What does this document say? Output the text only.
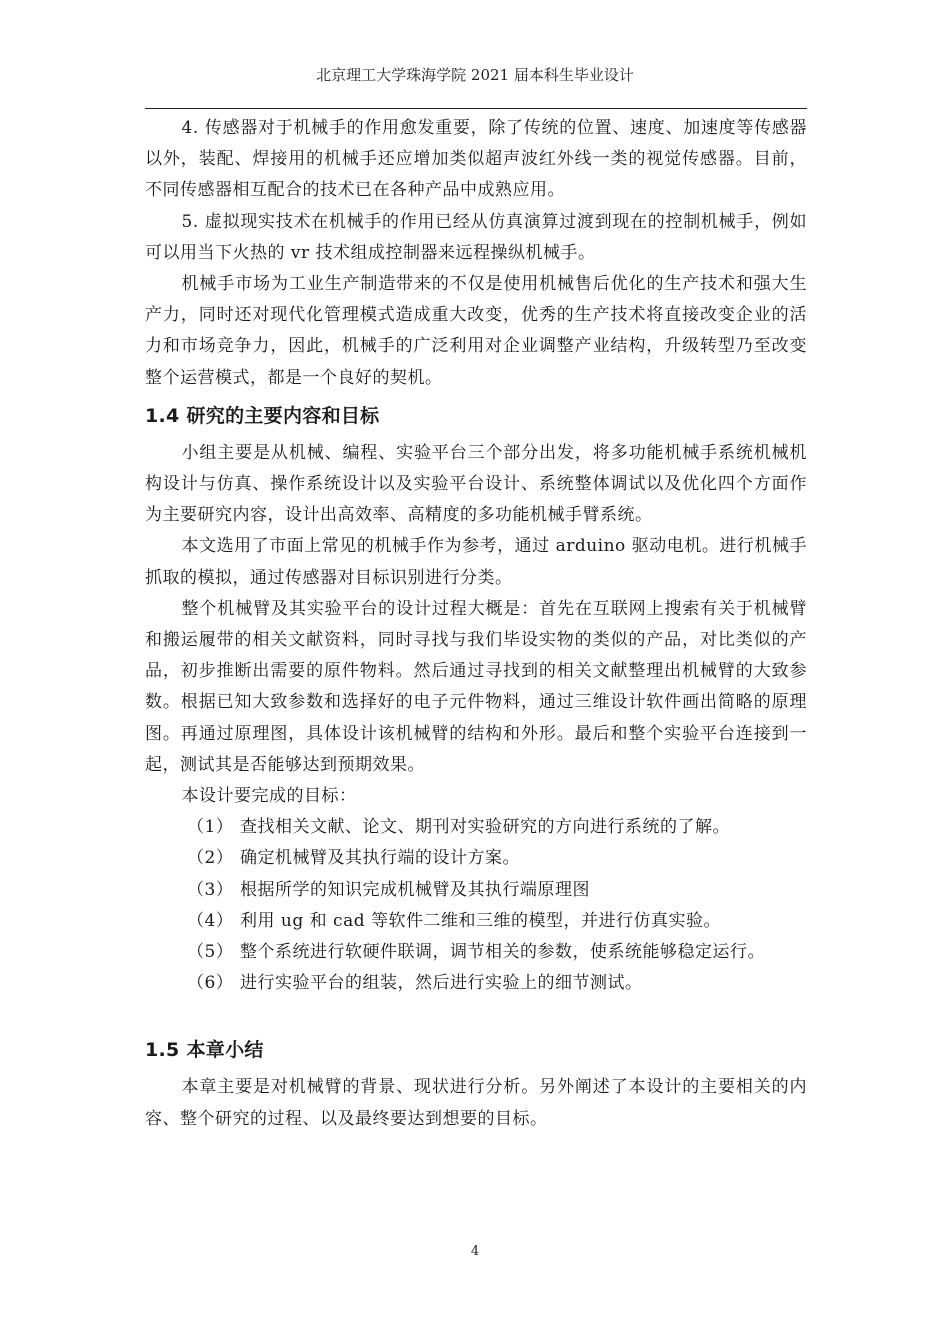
北京理工大学珠海学院 2021 届本科生毕业设计

4. 传感器对于机械手的作用愈发重要，除了传统的位置、速度、加速度等传感器以外，装配、焊接用的机械手还应增加类似超声波红外线一类的视觉传感器。目前，不同传感器相互配合的技术已在各种产品中成熟应用。

5. 虚拟现实技术在机械手的作用已经从仿真演算过渡到现在的控制机械手，例如可以用当下火热的 vr 技术组成控制器来远程操纵机械手。

机械手市场为工业生产制造带来的不仅是使用机械售后优化的生产技术和强大生产力，同时还对现代化管理模式造成重大改变，优秀的生产技术将直接改变企业的活力和市场竞争力，因此，机械手的广泛利用对企业调整产业结构，升级转型乃至改变整个运营模式，都是一个良好的契机。

1.4 研究的主要内容和目标

小组主要是从机械、编程、实验平台三个部分出发，将多功能机械手系统机械机构设计与仿真、操作系统设计以及实验平台设计、系统整体调试以及优化四个方面作为主要研究内容，设计出高效率、高精度的多功能机械手臂系统。

本文选用了市面上常见的机械手作为参考，通过 arduino 驱动电机。进行机械手抓取的模拟，通过传感器对目标识别进行分类。

整个机械臂及其实验平台的设计过程大概是：首先在互联网上搜索有关于机械臂和搬运履带的相关文献资料，同时寻找与我们毕设实物的类似的产品，对比类似的产品，初步推断出需要的原件物料。然后通过寻找到的相关文献整理出机械臂的大致参数。根据已知大致参数和选择好的电子元件物料，通过三维设计软件画出简略的原理图。再通过原理图，具体设计该机械臂的结构和外形。最后和整个实验平台连接到一起，测试其是否能够达到预期效果。

本设计要完成的目标：

（1） 查找相关文献、论文、期刊对实验研究的方向进行系统的了解。

（2） 确定机械臂及其执行端的设计方案。

（3） 根据所学的知识完成机械臂及其执行端原理图

（4） 利用 ug 和 cad 等软件二维和三维的模型，并进行仿真实验。

（5） 整个系统进行软硬件联调，调节相关的参数，使系统能够稳定运行。

（6） 进行实验平台的组装，然后进行实验上的细节测试。

1.5 本章小结

本章主要是对机械臂的背景、现状进行分析。另外阐述了本设计的主要相关的内容、整个研究的过程、以及最终要达到想要的目标。

4
